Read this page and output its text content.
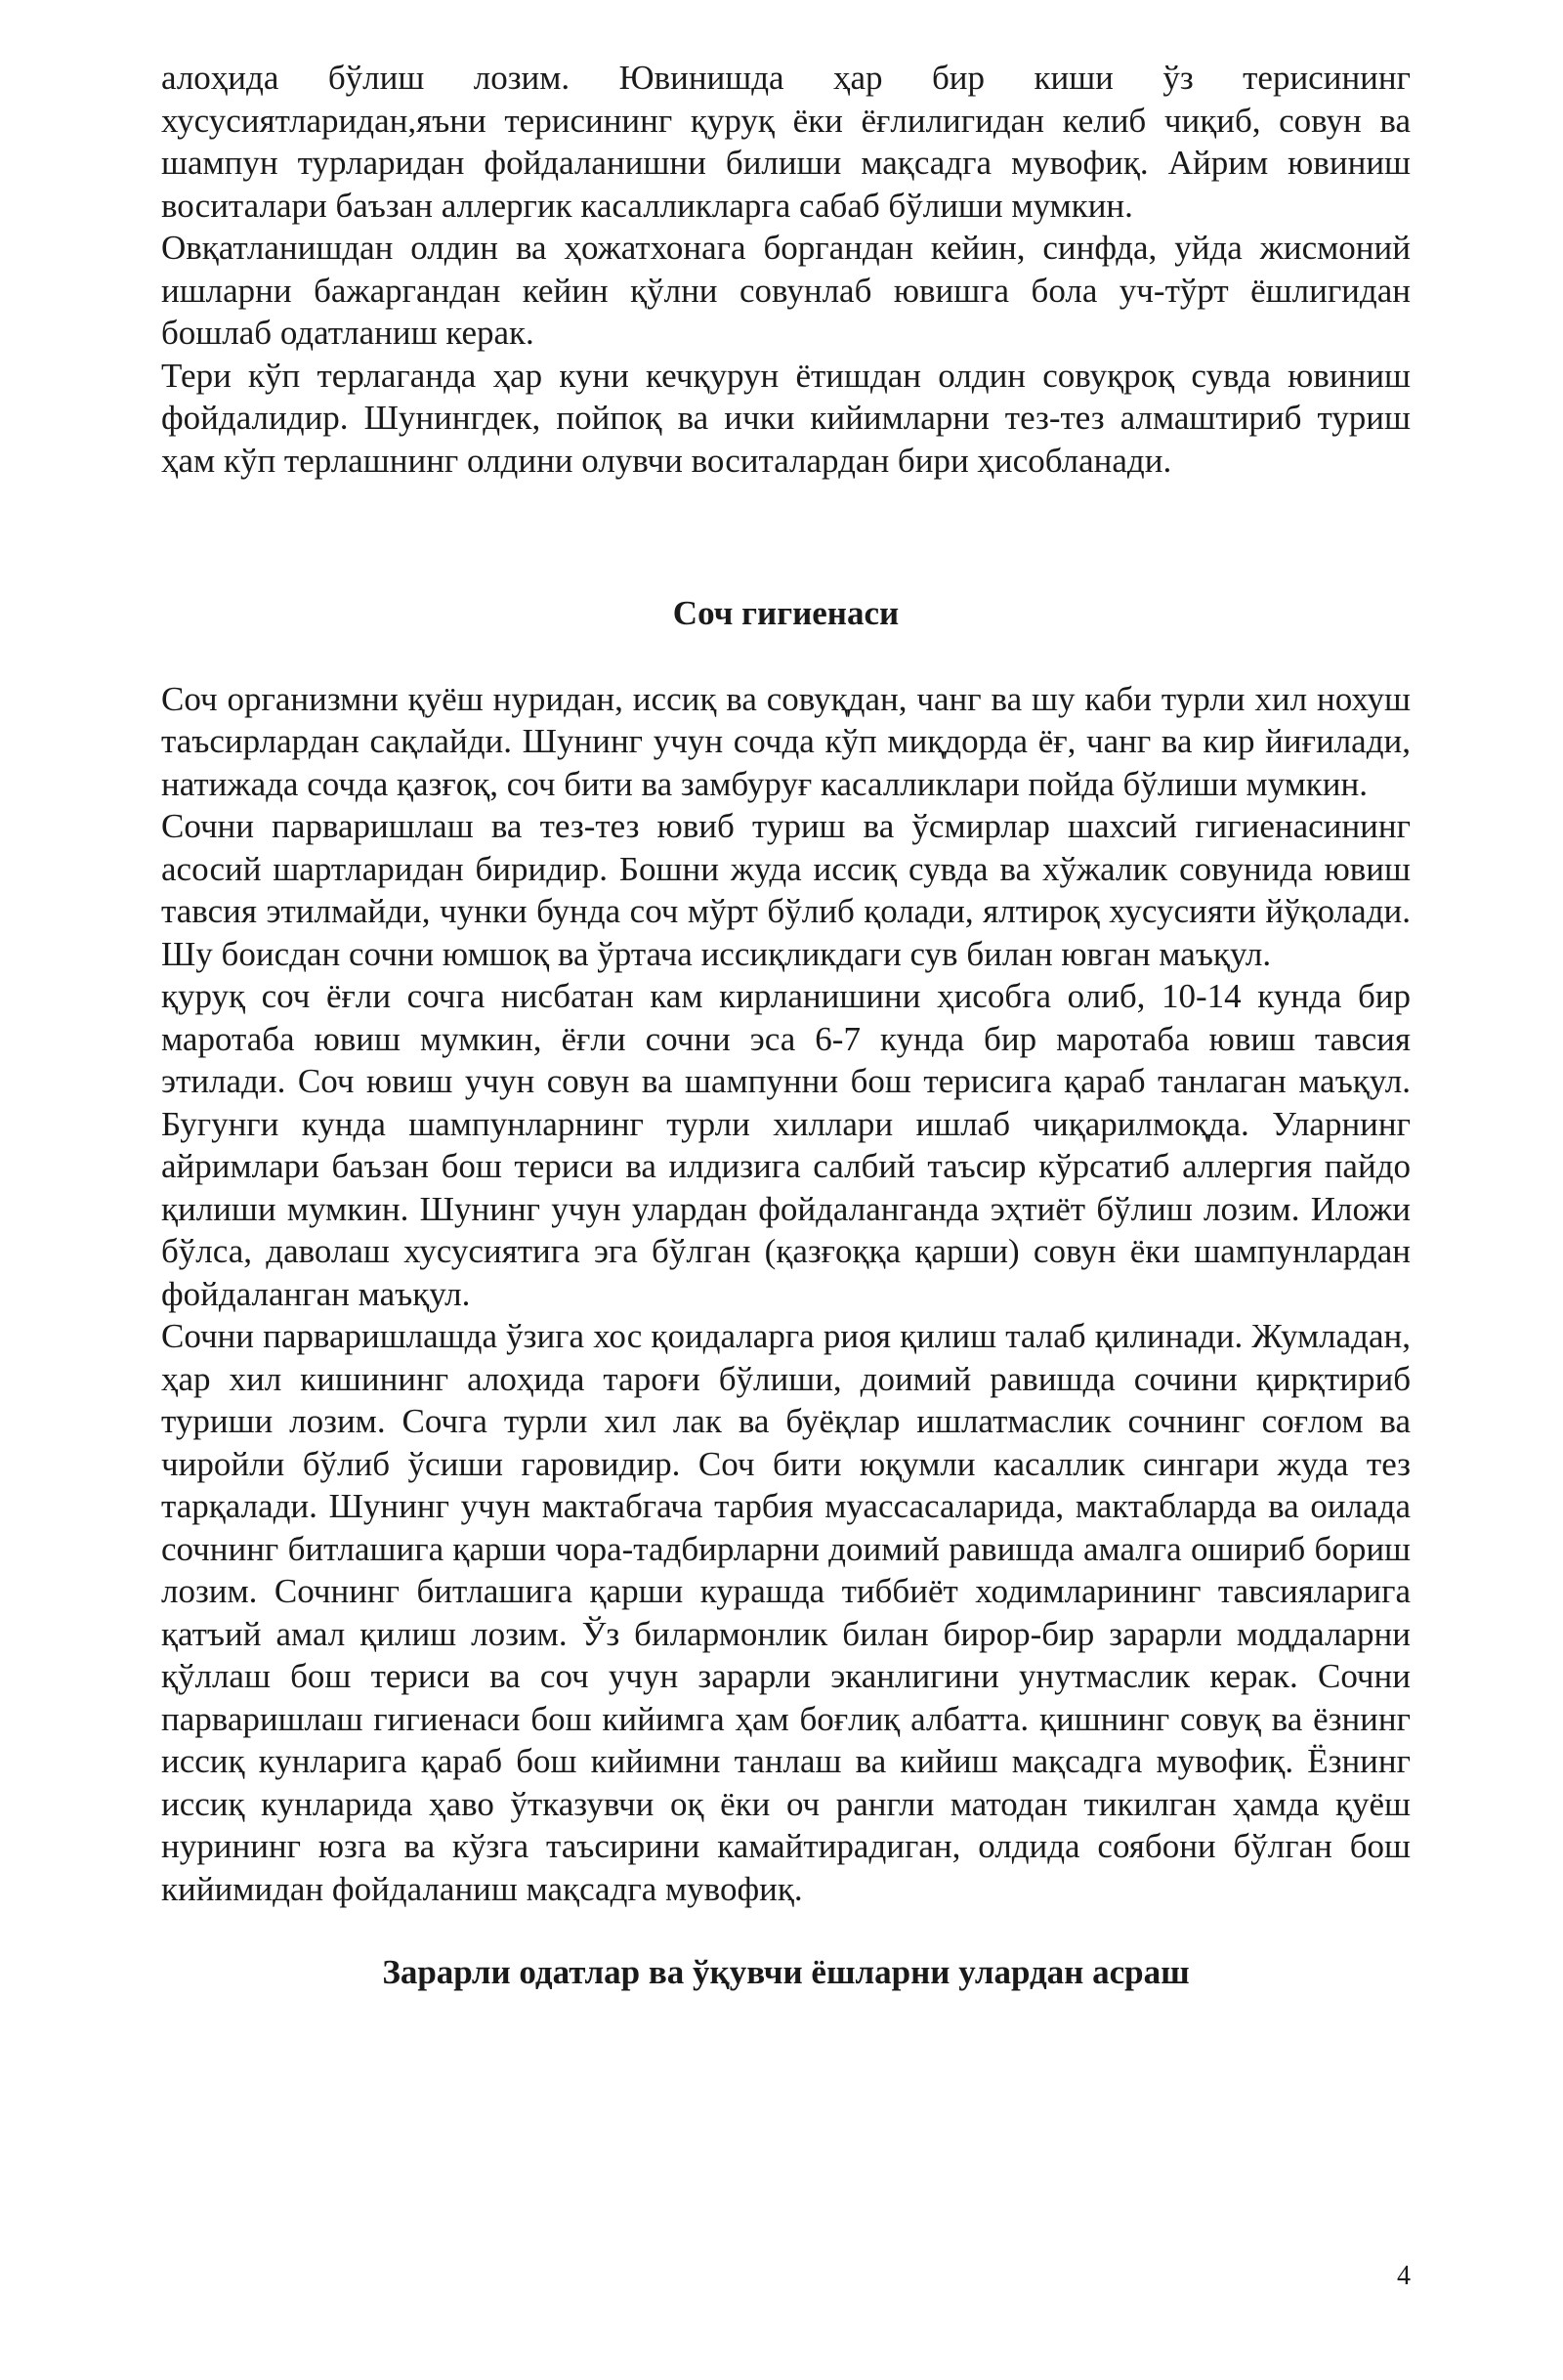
алоҳида бўлиш лозим. Ювинишда ҳар бир киши ўз терисининг хусусиятларидан,яъни терисининг қуруқ ёки ёғлилигидан келиб чиқиб, совун ва шампун турларидан фойдаланишни билиши мақсадга мувофиқ. Айрим ювиниш воситалари баъзан аллергик касалликларга сабаб бўлиши мумкин.

Овқатланишдан олдин ва ҳожатхонага боргандан кейин, синфда, уйда жисмоний ишларни бажаргандан кейин қўлни совунлаб ювишга бола уч-тўрт ёшлигидан бошлаб одатланиш керак.

Тери кўп терлаганда ҳар куни кечқурун ётишдан олдин совуқроқ сувда ювиниш фойдалидир. Шунингдек, пойпоқ ва ички кийимларни тез-тез алмаштириб туриш ҳам кўп терлашнинг олдини олувчи воситалардан бири ҳисобланади.

Соч гигиенаси

Соч организмни қуёш нуридан, иссиқ ва совуқдан, чанг ва шу каби турли хил нохуш таъсирлардан сақлайди. Шунинг учун сочда кўп миқдорда ёғ, чанг ва кир йиғилади, натижада сочда қазғоқ, соч бити ва замбуруғ касалликлари пойда бўлиши мумкин.

Сочни парваришлаш ва тез-тез ювиб туриш ва ўсмирлар шахсий гигиенасининг асосий шартларидан биридир. Бошни жуда иссиқ сувда ва хўжалик совунида ювиш тавсия этилмайди, чунки бунда соч мўрт бўлиб қолади, ялтироқ хусусияти йўқолади. Шу боисдан сочни юмшоқ ва ўртача иссиқликдаги сув билан ювган маъқул.

қуруқ соч ёғли сочга нисбатан кам кирланишини ҳисобга олиб, 10-14 кунда бир маротаба ювиш мумкин, ёғли сочни эса 6-7 кунда бир маротаба ювиш тавсия этилади. Соч ювиш учун совун ва шампунни бош терисига қараб танлаган маъқул. Бугунги кунда шампунларнинг турли хиллари ишлаб чиқарилмоқда. Уларнинг айримлари баъзан бош териси ва илдизига салбий таъсир кўрсатиб аллергия пайдо қилиши мумкин. Шунинг учун улардан фойдаланганда эҳтиёт бўлиш лозим. Иложи бўлса, даволаш хусусиятига эга бўлган (қазғоққа қарши) совун ёки шампунлардан фойдаланган маъқул.

Сочни парваришлашда ўзига хос қоидаларга риоя қилиш талаб қилинади. Жумладан, ҳар хил кишининг алоҳида тароғи бўлиши, доимий равишда сочини қирқтириб туриши лозим. Сочга турли хил лак ва буёқлар ишлатмаслик сочнинг соғлом ва чиройли бўлиб ўсиши гаровидир. Соч бити юқумли касаллик сингари жуда тез тарқалади. Шунинг учун мактабгача тарбия муассасаларида, мактабларда ва оилада сочнинг битлашига қарши чора-тадбирларни доимий равишда амалга ошириб бориш лозим. Сочнинг битлашига қарши курашда тиббиёт ходимларининг тавсияларига қатъий амал қилиш лозим. Ўз билармонлик билан бирор-бир зарарли моддаларни қўллаш бош териси ва соч учун зарарли эканлигини унутмаслик керак. Сочни парваришлаш гигиенаси бош кийимга ҳам боғлиқ албатта. қишнинг совуқ ва ёзнинг иссиқ кунларига қараб бош кийимни танлаш ва кийиш мақсадга мувофиқ. Ёзнинг иссиқ кунларида ҳаво ўтказувчи оқ ёки оч рангли матодан тикилган ҳамда қуёш нурининг юзга ва кўзга таъсирини камайтирадиган, олдида соябони бўлган бош кийимидан фойдаланиш мақсадга мувофиқ.

Зарарли одатлар ва ўқувчи ёшларни улардан асраш
4
